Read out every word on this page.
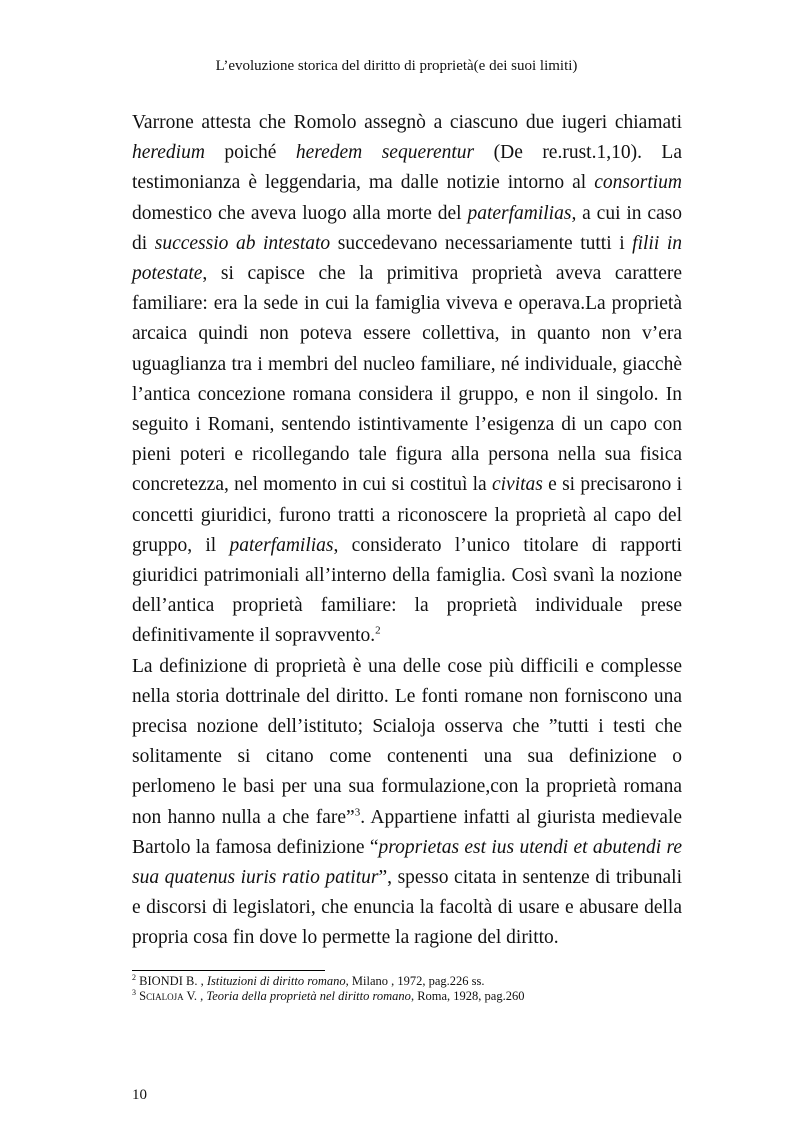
L’evoluzione storica del diritto di proprietà(e dei suoi limiti)

Varrone attesta che Romolo assegnò a ciascuno due iugeri chiamati heredium poiché heredem sequerentur (De re.rust.1,10). La testimonianza è leggendaria, ma dalle notizie intorno al consortium domestico che aveva luogo alla morte del paterfamilias, a cui in caso di successio ab intestato succedevano necessariamente tutti i filii in potestate, si capisce che la primitiva proprietà aveva carattere familiare: era la sede in cui la famiglia viveva e operava.La proprietà arcaica quindi non poteva essere collettiva, in quanto non v’era uguaglianza tra i membri del nucleo familiare, né individuale, giacchè l’antica concezione romana considera il gruppo, e non il singolo. In seguito i Romani, sentendo istintivamente l’esigenza di un capo con pieni poteri e ricollegando tale figura alla persona nella sua fisica concretezza, nel momento in cui si costituì la civitas e si precisarono i concetti giuridici, furono tratti a riconoscere la proprietà al capo del gruppo, il paterfamilias, considerato l’unico titolare di rapporti giuridici patrimoniali all’interno della famiglia. Così svanì la nozione dell’antica proprietà familiare: la proprietà individuale prese definitivamente il sopravvento.$^2$

La definizione di proprietà è una delle cose più difficili e complesse nella storia dottrinale del diritto. Le fonti romane non forniscono una precisa nozione dell’istituto; Scialoja osserva che ”tutti i testi che solitamente si citano come contenenti una sua definizione o perlomeno le basi per una sua formulazione,con la proprietà romana non hanno nulla a che fare”$^3$. Appartiene infatti al giurista medievale Bartolo la famosa definizione “proprietas est ius utendi et abutendi re sua quatenus iuris ratio patitur”, spesso citata in sentenze di tribunali e discorsi di legislatori, che enuncia la facoltà di usare e abusare della propria cosa fin dove lo permette la ragione del diritto.

$^2$ BIONDI B. , Istituzioni di diritto romano, Milano , 1972, pag.226 ss.
$^3$ Scialoja V. , Teoria della proprietà nel diritto romano, Roma, 1928, pag.260
10
